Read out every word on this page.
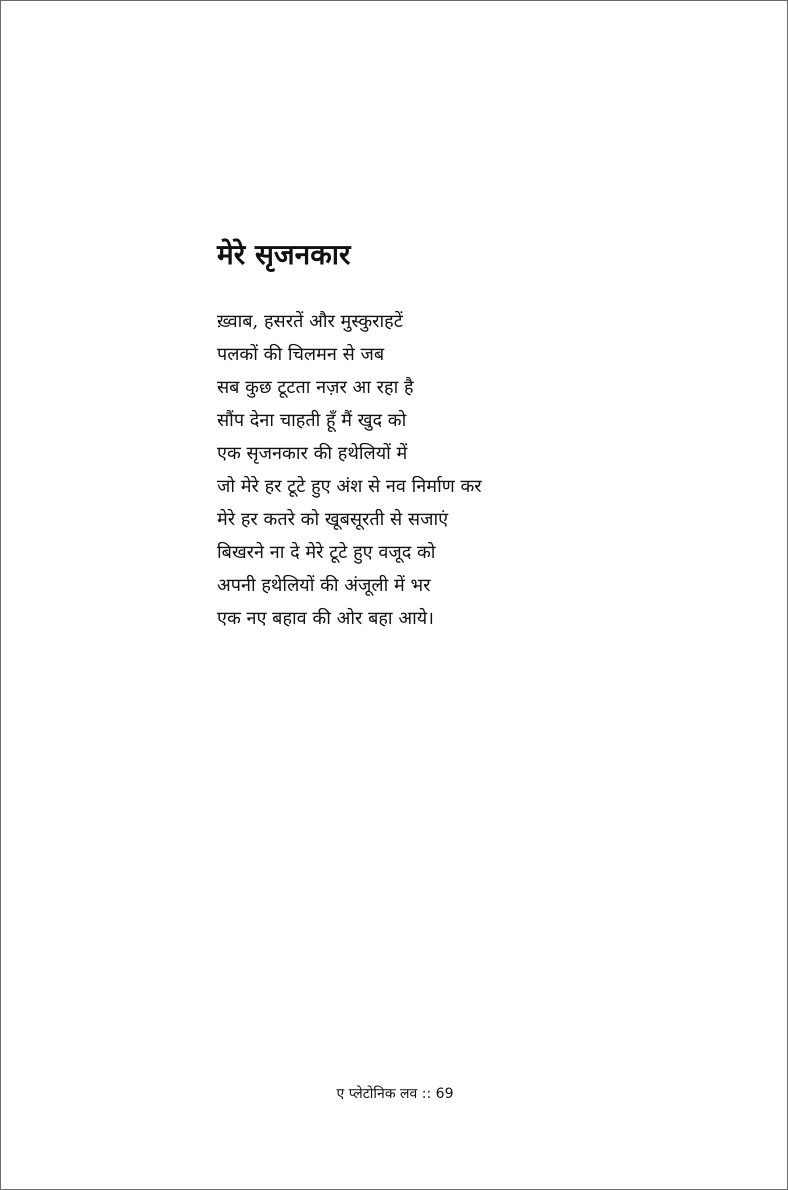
मेरे सृजनकार
ख़्वाब, हसरतें और मुस्कुराहटें
पलकों की चिलमन से जब
सब कुछ टूटता नज़र आ रहा है
सौंप देना चाहती हूँ मैं खुद को
एक सृजनकार की हथेलियों में
जो मेरे हर टूटे हुए अंश से नव निर्माण कर
मेरे हर कतरे को खूबसूरती से सजाएं
बिखरने ना दे मेरे टूटे हुए वजूद को
अपनी हथेलियों की अंजूली में भर
एक नए बहाव की ओर बहा आये।
ए प्लेटोनिक लव :: 69
